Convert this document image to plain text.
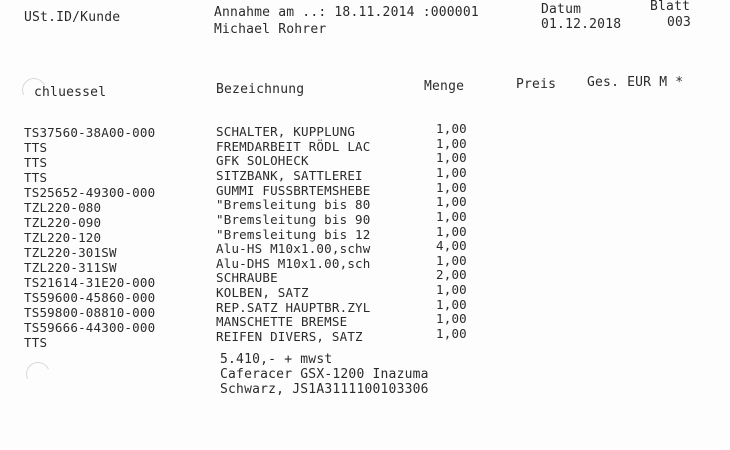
USt.ID/Kunde	Annahme am ..: 18.11.2014 :000001
Michael Rohrer
Datum
01.12.2018
Blatt
003
chluessel	Bezeichnung	Menge	Preis Ges. EUR M *
TS37560-38A00-000	SCHALTER, KUPPLUNG	1,00
TTS	FREMDARBEIT RÖDL LAC	1,00
TTS	GFK SOLOHECK	1,00
TTS	SITZBANK, SATTLEREI	1,00
TS25652-49300-000	GUMMI FUSSBRTEMSHEBE	1,00
TZL220-080	"Bremsleitung bis 80	1,00
TZL220-090	"Bremsleitung bis 90	1,00
TZL220-120	"Bremsleitung bis 12	1,00
TZL220-301SW	Alu-HS M10x1.00,schw	4,00
TZL220-311SW	Alu-DHS M10x1.00,sch	1,00
TS21614-31E20-000	SCHRAUBE	2,00
TS59600-45860-000	KOLBEN, SATZ	1,00
TS59800-08810-000	REP.SATZ HAUPTBR.ZYL	1,00
TS59666-44300-000	MANSCHETTE BREMSE	1,00
TTS	REIFEN DIVERS, SATZ	1,00
5.410,- + mwst
Caferacer GSX-1200 Inazuma
Schwarz, JS1A3111100103306
